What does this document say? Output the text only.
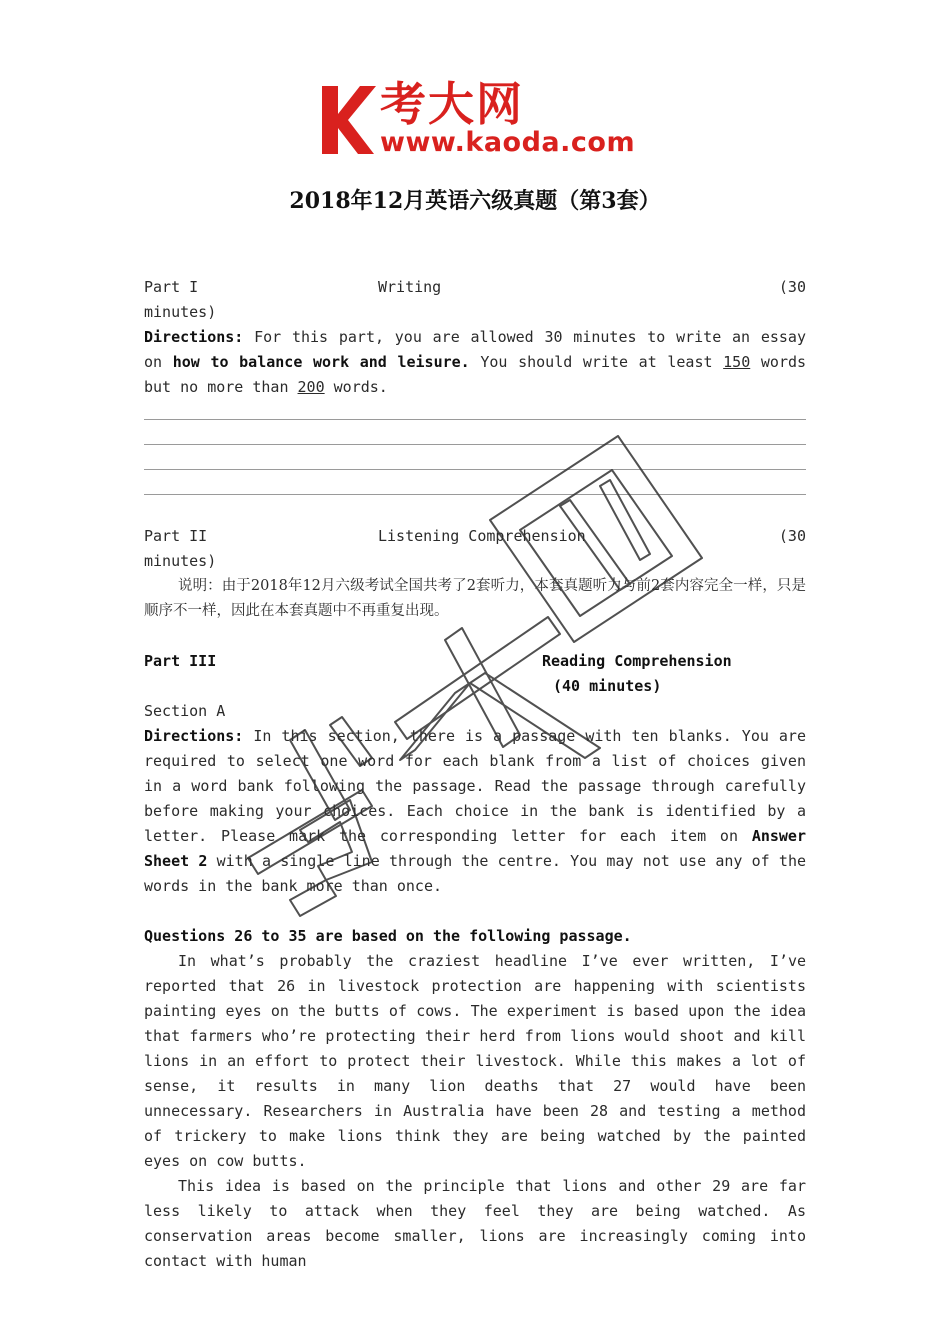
考大网
www.kaoda.com
2018年12月英语六级真题（第3套）
Part I	Writing	(30
minutes)
Directions: For this part, you are allowed 30 minutes to write an essay on how to balance work and leisure. You should write at least 150 words but no more than 200 words.
Part II	Listening Comprehension	(30
minutes)
说明：由于2018年12月六级考试全国共考了2套听力，本套真题听力与前2套内容完全一样，只是顺序不一样，因此在本套真题中不再重复出现。
Part III	Reading Comprehension
(40 minutes)
Section A
Directions: In this section, there is a passage with ten blanks. You are required to select one word for each blank from a list of choices given in a word bank following the passage. Read the passage through carefully before making your choices. Each choice in the bank is identified by a letter. Please mark the corresponding letter for each item on Answer Sheet 2 with a single line through the centre. You may not use any of the words in the bank more than once.
Questions 26 to 35 are based on the following passage.
In what’s probably the craziest headline I’ve ever written, I’ve reported that 26 in livestock protection are happening with scientists painting eyes on the butts of cows. The experiment is based upon the idea that farmers who’re protecting their herd from lions would shoot and kill lions in an effort to protect their livestock. While this makes a lot of sense, it results in many lion deaths that 27 would have been unnecessary. Researchers in Australia have been 28 and testing a method of trickery to make lions think they are being watched by the painted eyes on cow butts.
This idea is based on the principle that lions and other 29 are far less likely to attack when they feel they are being watched. As conservation areas become smaller, lions are increasingly coming into contact with human
